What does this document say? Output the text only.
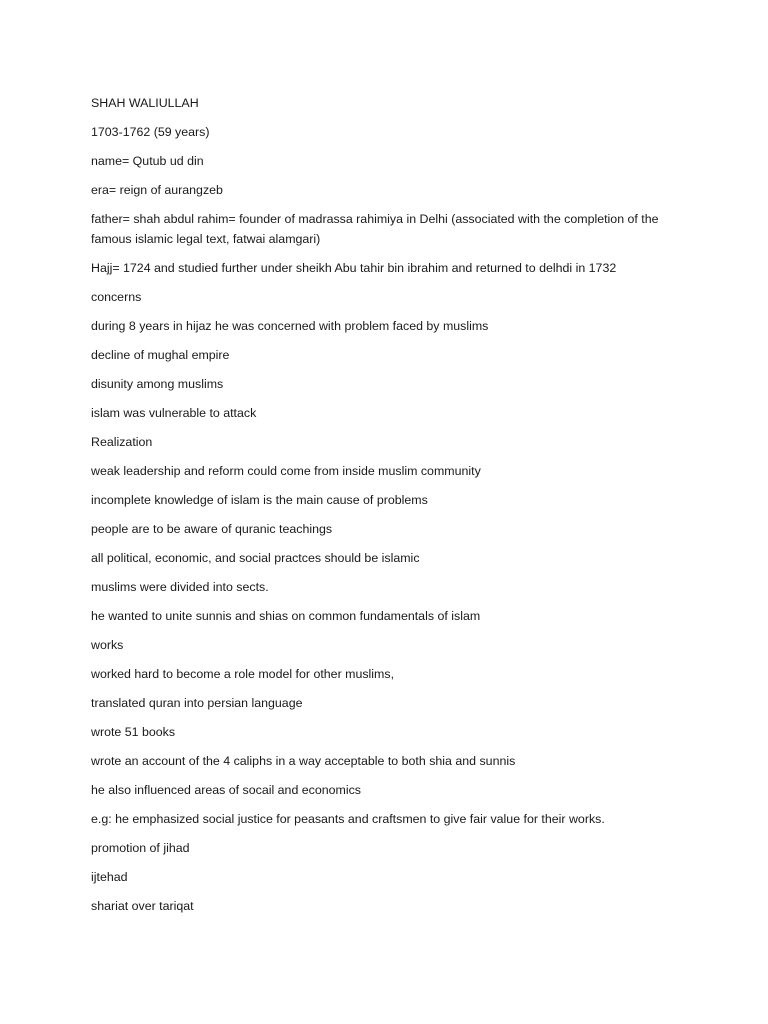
SHAH WALIULLAH

1703-1762 (59 years)

name= Qutub ud din

era= reign of aurangzeb

father= shah abdul rahim= founder of madrassa rahimiya in Delhi (associated with the completion of the famous islamic legal text, fatwai alamgari)

Hajj= 1724 and studied further under sheikh Abu tahir bin ibrahim and returned to delhdi in 1732

concerns

during 8 years in hijaz he was concerned with problem faced by muslims

decline of mughal empire

disunity among muslims

islam was vulnerable to attack

Realization

weak leadership and reform could come from inside muslim community

incomplete knowledge of islam is the main cause of problems

people are to be aware of quranic teachings

all political, economic, and social practces should be islamic

muslims were divided into sects.

he wanted to unite sunnis and shias on common fundamentals of islam

works

worked hard to become a role model for other muslims,

translated quran into persian language

wrote 51 books

wrote an account of the 4 caliphs in a way acceptable to both shia and sunnis

he also influenced areas of socail and economics

e.g: he emphasized social justice for peasants and craftsmen to give fair value for their works.

promotion of jihad

ijtehad

shariat over tariqat
